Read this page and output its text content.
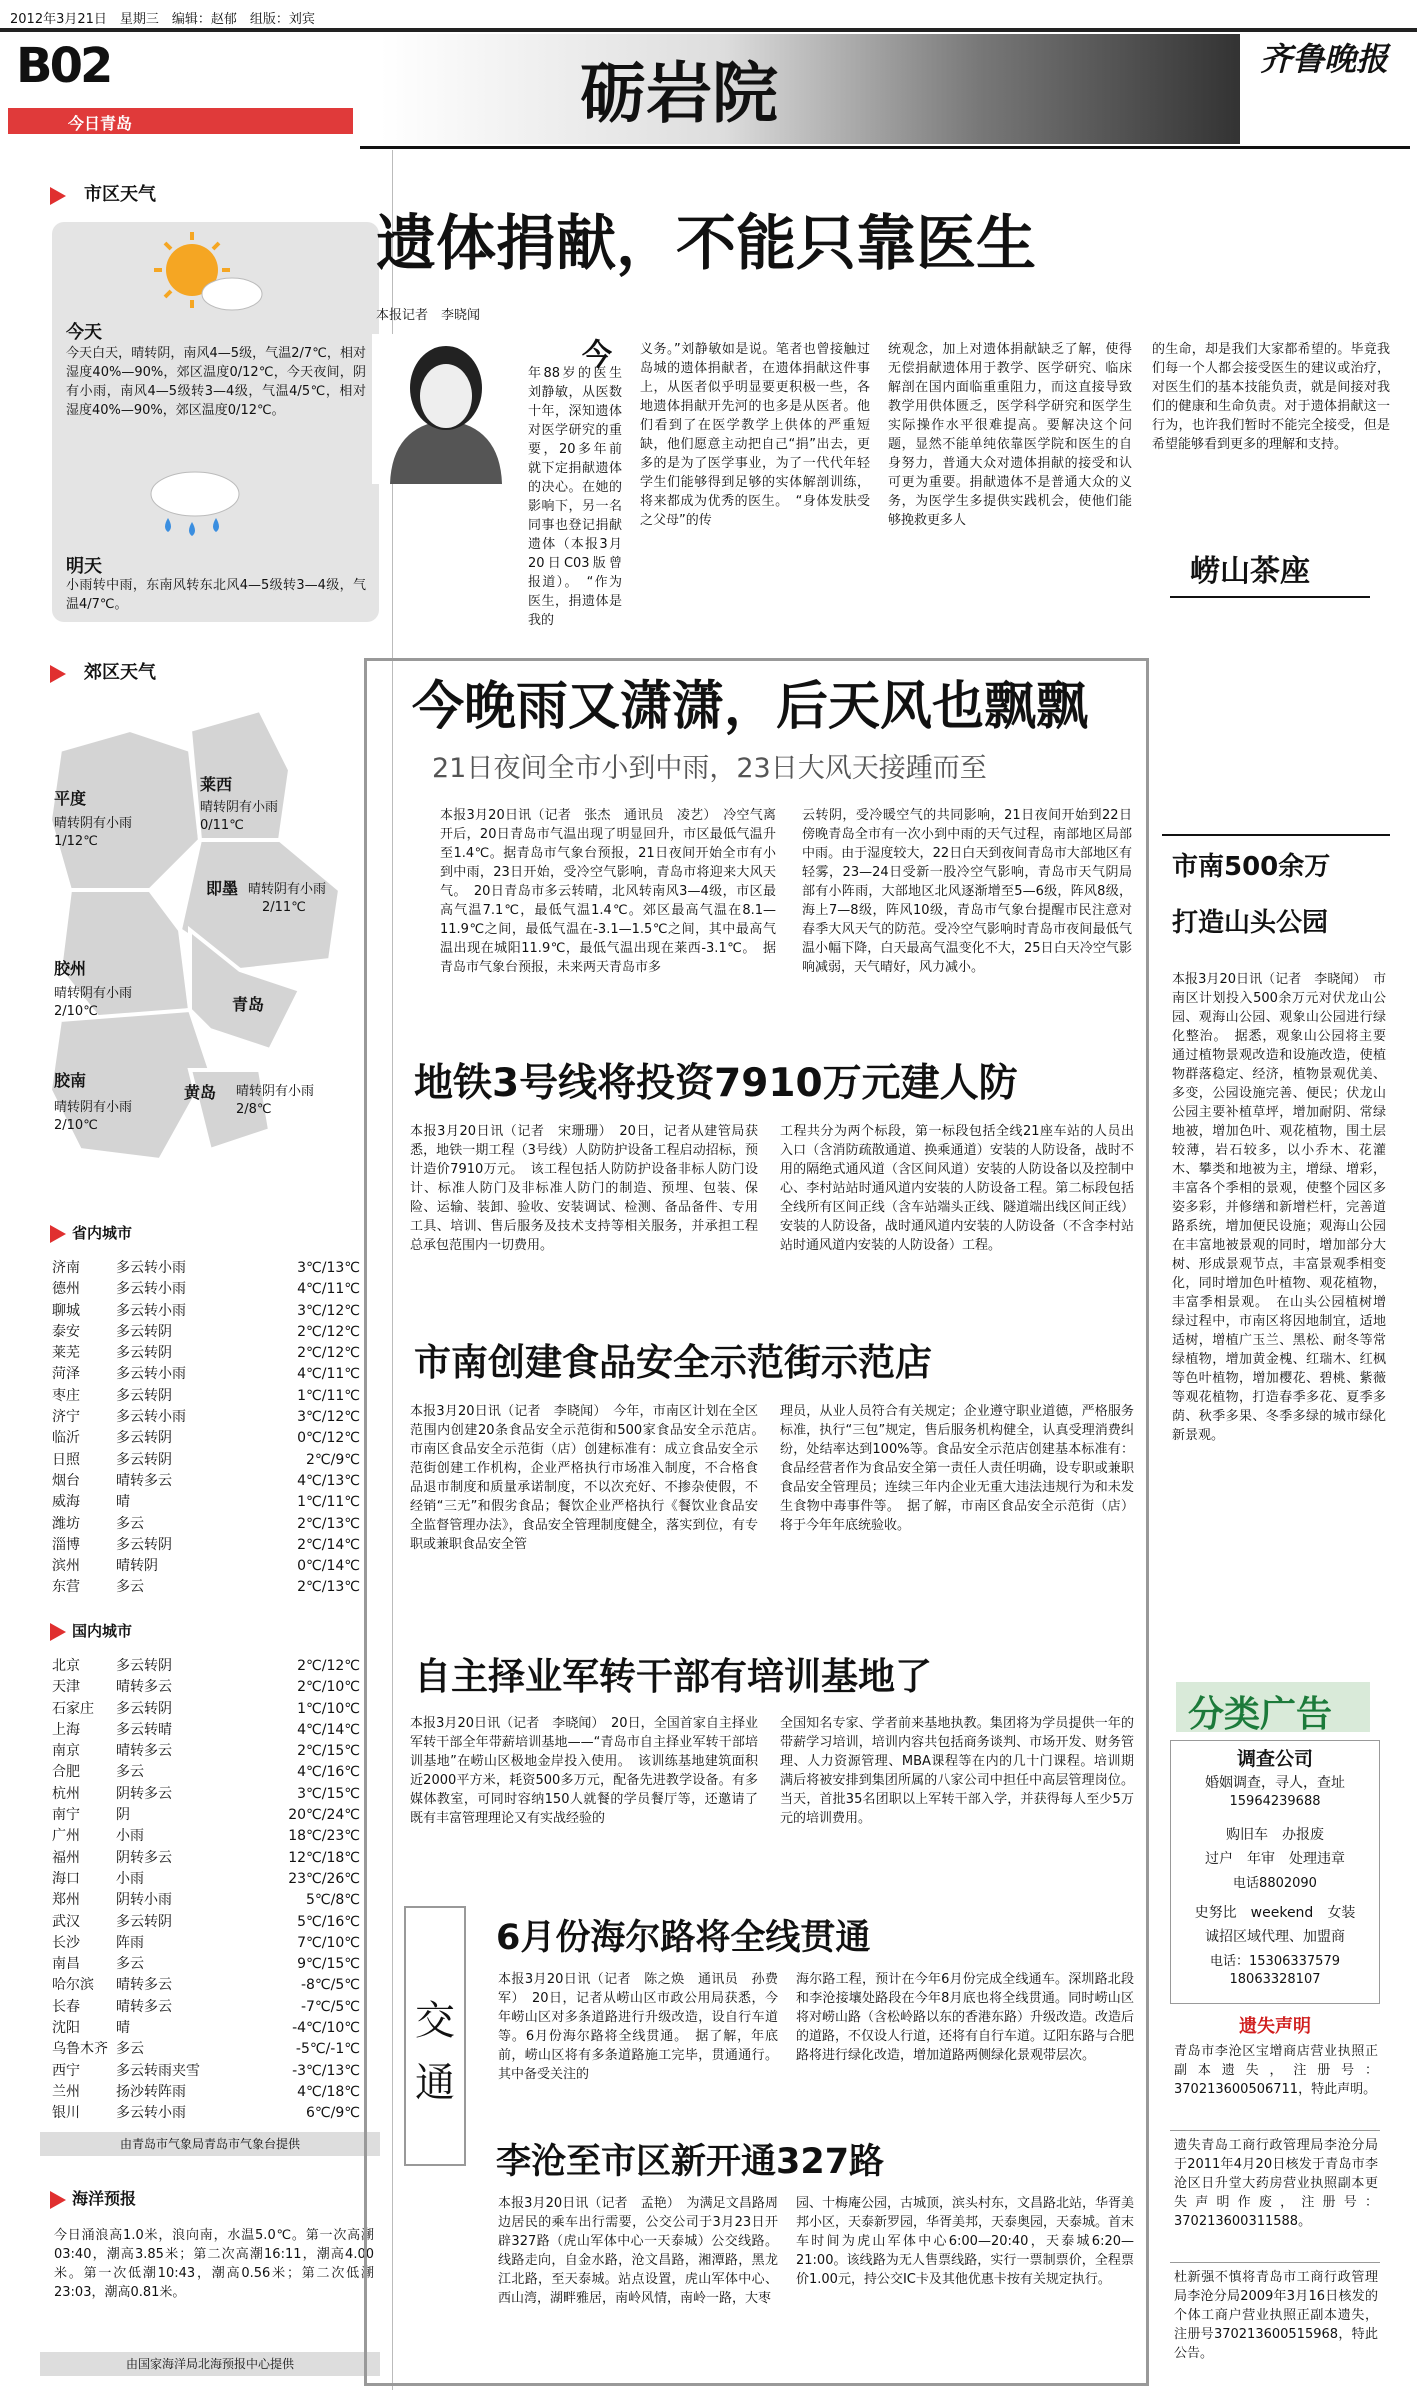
2012年3月21日　星期三　编辑：赵郁　组版：刘宾
B02	砺岩院	齐鲁晚报
今日青岛
市区天气
今天
今天白天，晴转阴，南风4—5级，气温2/7℃，相对湿度40%—90%，郊区温度0/12℃，今天夜间，阴有小雨，南风4—5级转3—4级，气温4/5℃，相对湿度40%—90%，郊区温度0/12℃。
明天
小雨转中雨，东南风转东北风4—5级转3—4级，气温4/7℃。
郊区天气
平度
晴转阴有小雨
1/12℃
莱西
晴转阴有小雨
0/11℃
即墨 晴转阴有小雨
2/11℃
胶州
晴转阴有小雨
2/10℃	青岛
胶南
晴转阴有小雨
2/10℃
黄岛 晴转阴有小雨
2/8℃
省内城市
济南	多云转小雨	3℃/13℃
德州	多云转小雨	4℃/11℃
聊城	多云转小雨	3℃/12℃
泰安	多云转阴	2℃/12℃
莱芜	多云转阴	2℃/12℃
菏泽	多云转小雨	4℃/11℃
枣庄	多云转阴	1℃/11℃
济宁	多云转小雨	3℃/12℃
临沂	多云转阴	0℃/12℃
日照	多云转阴	2℃/9℃
烟台	晴转多云	4℃/13℃
威海	晴	1℃/11℃
潍坊	多云	2℃/13℃
淄博	多云转阴	2℃/14℃
滨州	晴转阴	0℃/14℃
东营	多云	2℃/13℃
国内城市
北京	多云转阴	2℃/12℃
天津	晴转多云	2℃/10℃
石家庄	多云转阴	1℃/10℃
上海	多云转晴	4℃/14℃
南京	晴转多云	2℃/15℃
合肥	多云	4℃/16℃
杭州	阴转多云	3℃/15℃
南宁	阴	20℃/24℃
广州	小雨	18℃/23℃
福州	阴转多云	12℃/18℃
海口	小雨	23℃/26℃
郑州	阴转小雨	5℃/8℃
武汉	多云转阴	5℃/16℃
长沙	阵雨	7℃/10℃
南昌	多云	9℃/15℃
哈尔滨	晴转多云	-8℃/5℃
长春	晴转多云	-7℃/5℃
沈阳	晴	-4℃/10℃
乌鲁木齐 多云	-5℃/-1℃
西宁	多云转雨夹雪	-3℃/13℃
兰州	扬沙转阵雨	4℃/18℃
银川	多云转小雨	6℃/9℃
由青岛市气象局青岛市气象台提供
海洋预报
今日涌浪高1.0米，浪向南，水温5.0℃。第一次高潮03:40，潮高3.85米；第二次高潮16:11，潮高4.00米。第一次低潮10:43，潮高0.56米；第二次低潮23:03，潮高0.81米。
由国家海洋局北海预报中心提供
遗体捐献，不能只靠医生
本报记者　李晓闻
今
年88岁的医生刘静敏，从医数十年，深知遗体对医学研究的重要，20多年前就下定捐献遗体的决心。在她的影响下，另一名同事也登记捐献遗体（本报3月20日C03版曾报道）。　“作为医生，捐遗体是我的
义务。”刘静敏如是说。笔者也曾接触过岛城的遗体捐献者，在遗体捐献这件事上，从医者似乎明显要更积极一些，各地遗体捐献开先河的也多是从医者。他们看到了在医学教学上供体的严重短缺，他们愿意主动把自己“捐”出去，更多的是为了医学事业，为了一代代年轻学生们能够得到足够的实体解剖训练，将来都成为优秀的医生。　“身体发肤受之父母”的传
统观念，加上对遗体捐献缺乏了解，使得无偿捐献遗体用于教学、医学研究、临床解剖在国内面临重重阻力，而这直接导致教学用供体匮乏，医学科学研究和医学生实际操作水平很难提高。要解决这个问题，显然不能单纯依靠医学院和医生的自身努力，普通大众对遗体捐献的接受和认可更为重要。捐献遗体不是普通大众的义务，为医学生多提供实践机会，使他们能够挽救更多人
的生命，却是我们大家都希望的。毕竟我们每一个人都会接受医生的建议或治疗，对医生们的基本技能负责，就是间接对我们的健康和生命负责。对于遗体捐献这一行为，也许我们暂时不能完全接受，但是希望能够看到更多的理解和支持。
崂山茶座
今晚雨又潇潇，后天风也飘飘
21日夜间全市小到中雨，23日大风天接踵而至
本报3月20日讯（记者　张杰　通讯员　凌艺）　冷空气离开后，20日青岛市气温出现了明显回升，市区最低气温升至1.4℃。据青岛市气象台预报，21日夜间开始全市有小到中雨，23日开始，受冷空气影响，青岛市将迎来大风天气。　20日青岛市多云转晴，北风转南风3—4级，市区最高气温7.1℃，最低气温1.4℃。郊区最高气温在8.1—11.9℃之间，最低气温在-3.1—1.5℃之间，其中最高气温出现在城阳11.9℃，最低气温出现在莱西-3.1℃。　据青岛市气象台预报，未来两天青岛市多
云转阴，受冷暖空气的共同影响，21日夜间开始到22日傍晚青岛全市有一次小到中雨的天气过程，南部地区局部中雨。由于湿度较大，22日白天到夜间青岛市大部地区有轻雾，23—24日受新一股冷空气影响，青岛市天气阴局部有小阵雨，大部地区北风逐渐增至5—6级，阵风8级，海上7—8级，阵风10级，青岛市气象台提醒市民注意对春季大风天气的防范。受冷空气影响时青岛市夜间最低气温小幅下降，白天最高气温变化不大，25日白天冷空气影响减弱，天气晴好，风力减小。
地铁3号线将投资7910万元建人防
本报3月20日讯（记者　宋珊珊）　20日，记者从建管局获悉，地铁一期工程（3号线）人防防护设备工程启动招标，预计造价7910万元。　该工程包括人防防护设备非标人防门设计、标准人防门及非标准人防门的制造、预埋、包装、保险、运输、装卸、验收、安装调试、检测、备品备件、专用工具、培训、售后服务及技术支持等相关服务，并承担工程总承包范围内一切费用。
工程共分为两个标段，第一标段包括全线21座车站的人员出入口（含消防疏散通道、换乘通道）安装的人防设备，战时不用的隔绝式通风道（含区间风道）安装的人防设备以及控制中心、李村站站时通风道内安装的人防设备工程。第二标段包括全线所有区间正线（含车站端头正线、隧道端出线区间正线）安装的人防设备，战时通风道内安装的人防设备（不含李村站站时通风道内安装的人防设备）工程。
市南创建食品安全示范街示范店
本报3月20日讯（记者　李晓闻）　今年，市南区计划在全区范围内创建20条食品安全示范街和500家食品安全示范店。　市南区食品安全示范街（店）创建标准有：成立食品安全示范街创建工作机构，企业严格执行市场准入制度，不合格食品退市制度和质量承诺制度，不以次充好、不掺杂使假，不经销“三无”和假劣食品；餐饮企业严格执行《餐饮业食品安全监督管理办法》，食品安全管理制度健全，落实到位，有专职或兼职食品安全管
理员，从业人员符合有关规定；企业遵守职业道德，严格服务标准，执行“三包”规定，售后服务机构健全，认真受理消费纠纷，处结率达到100%等。食品安全示范店创建基本标准有：食品经营者作为食品安全第一责任人责任明确，设专职或兼职食品安全管理员；连续三年内企业无重大违法违规行为和未发生食物中毒事件等。　据了解，市南区食品安全示范街（店）将于今年年底统验收。
自主择业军转干部有培训基地了
本报3月20日讯（记者　李晓闻）　20日，全国首家自主择业军转干部全年带薪培训基地——“青岛市自主择业军转干部培训基地”在崂山区极地金岸投入使用。　该训练基地建筑面积近2000平方米，耗资500多万元，配备先进教学设备。有多媒体教室，可同时容纳150人就餐的学员餐厅等，还邀请了既有丰富管理理论又有实战经验的
全国知名专家、学者前来基地执教。集团将为学员提供一年的带薪学习培训，培训内容共包括商务谈判、市场开发、财务管理、人力资源管理、MBA课程等在内的几十门课程。培训期满后将被安排到集团所属的八家公司中担任中高层管理岗位。当天，首批35名团职以上军转干部入学，并获得每人至少5万元的培训费用。
交通
6月份海尔路将全线贯通
本报3月20日讯（记者　陈之焕　通讯员　孙费军）　20日，记者从崂山区市政公用局获悉，今年崂山区对多条道路进行升级改造，设自行车道等。6月份海尔路将全线贯通。　据了解，年底前，崂山区将有多条道路施工完毕，贯通通行。其中备受关注的
海尔路工程，预计在今年6月份完成全线通车。深圳路北段和李沧接壤处路段在今年8月底也将全线贯通。同时崂山区将对崂山路（含松岭路以东的香港东路）升级改造。改造后的道路，不仅设人行道，还将有自行车道。辽阳东路与合肥路将进行绿化改造，增加道路两侧绿化景观带层次。
李沧至市区新开通327路
本报3月20日讯（记者　孟艳）　为满足文昌路周边居民的乘车出行需要，公交公司于3月23日开辟327路（虎山军体中心一天泰城）公交线路。线路走向，自金水路，沧文昌路，湘潭路，黑龙江北路，至天泰城。站点设置，虎山军体中心、西山湾，湖畔雅居，南岭风情，南岭一路，大枣
园、十梅庵公园，古城顶，滨头村东，文昌路北站，华胥美邦小区，天泰新罗园，华胥美邦，天泰奥园，天泰城。首末车时间为虎山军体中心6:00—20:40，天泰城6:20—21:00。该线路为无人售票线路，实行一票制票价，全程票价1.00元，持公交IC卡及其他优惠卡按有关规定执行。
市南500余万
打造山头公园
本报3月20日讯（记者　李晓闻）　市南区计划投入500余万元对伏龙山公园、观海山公园、观象山公园进行绿化整治。　据悉，观象山公园将主要通过植物景观改造和设施改造，使植物群落稳定、经济，植物景观优美、多变，公园设施完善、便民；伏龙山公园主要补植草坪，增加耐阴、常绿地被，增加色叶、观花植物，围土层较薄，岩石较多，以小乔木、花灌木、攀类和地被为主，增绿、增彩，丰富各个季相的景观，使整个园区多姿多彩，并修缮和新增栏杆，完善道路系统，增加便民设施；观海山公园在丰富地被景观的同时，增加部分大树、形成景观节点，丰富景观季相变化，同时增加色叶植物、观花植物，丰富季相景观。　在山头公园植树增绿过程中，市南区将因地制宜，适地适树，增植广玉兰、黑松、耐冬等常绿植物，增加黄金槐、红瑞木、红枫等色叶植物，增加樱花、碧桃、紫薇等观花植物，打造春季多花、夏季多荫、秋季多果、冬季多绿的城市绿化新景观。
分类广告
调查公司
婚姻调查，寻人，查址
15964239688
购旧车　办报废
过户　年审　处理违章
电话8802090
史努比　weekend　女装
诚招区域代理、加盟商
电话：15306337579
18063328107
遗失声明
青岛市李沧区宝增商店营业执照正副本遗失，注册号：370213600506711，特此声明。
遗失青岛工商行政管理局李沧分局于2011年4月20日核发于青岛市李沧区日升堂大药房营业执照副本更失声明作废，注册号：370213600311588。
杜新强不慎将青岛市工商行政管理局李沧分局2009年3月16日核发的个体工商户营业执照正副本遗失，注册号370213600515968，特此公告。
